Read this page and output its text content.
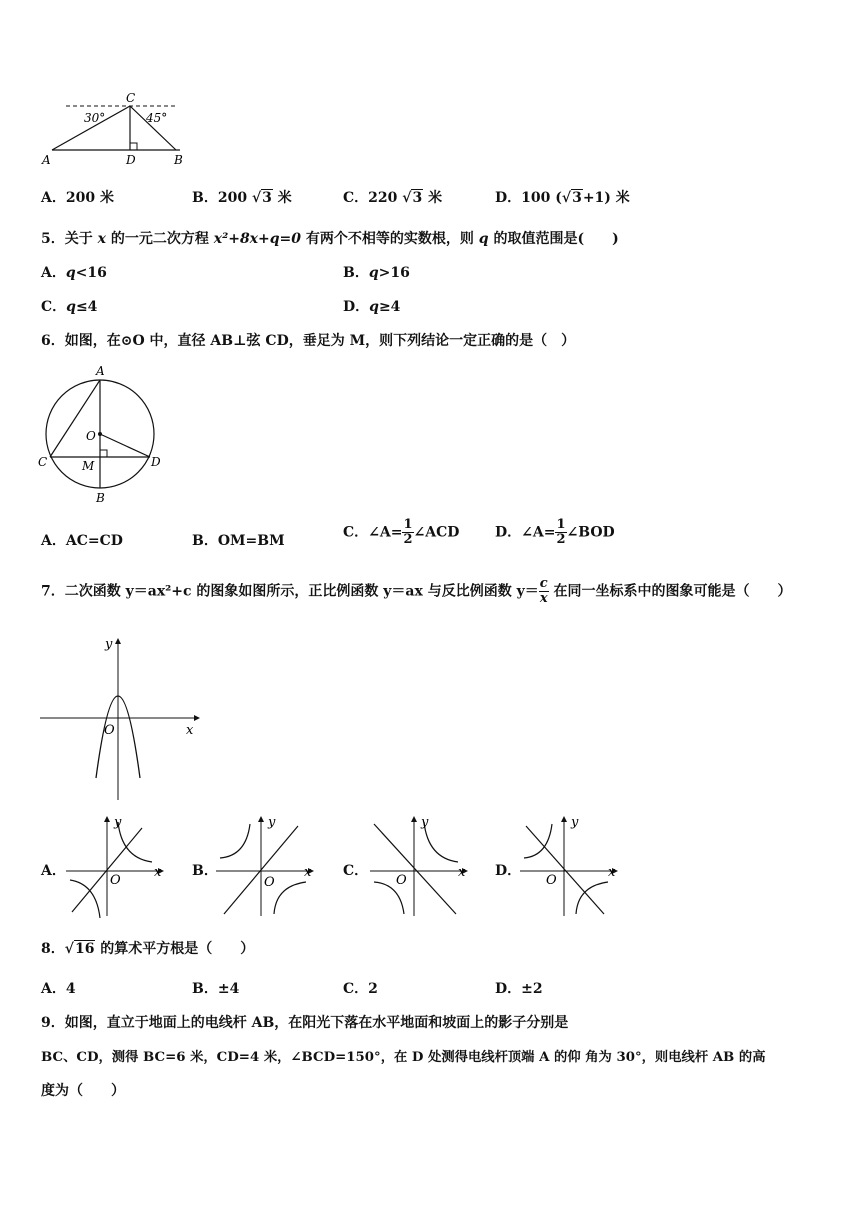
C
A	D	B
30°	45°
A．200 米	B．200 √3 米	C．220 √3 米	D．100 (√3+1) 米
5．关于 x 的一元二次方程 x²+8x+q=0 有两个不相等的实数根，则 q 的取值范围是(　　)
A．q<16	B．q>16
C．q≤4	D．q≥4
6．如图，在⊙O 中，直径 AB⊥弦 CD，垂足为 M，则下列结论一定正确的是（　）
A
O
C	D
M
B
A．AC=CD	B．OM=BM
C．∠A= $\frac{1}{2}$ ∠ACD	D．∠A= $\frac{1}{2}$ ∠BOD
7．二次函数 y＝ax²+c 的图象如图所示，正比例函数 y＝ax 与反比例函数 $y= \frac{c}{x}$ 在同一坐标系中的图象可能是（　　）
y
x
O
A．
y
x
O
B．
y
x
O
C．
y
x
O
D．
y
x
O
8．√16 的算术平方根是（　　）
A．4	B．±4	C．2	D．±2
9．如图，直立于地面上的电线杆 AB，在阳光下落在水平地面和坡面上的影子分别是
BC、CD，测得 BC=6 米，CD=4 米，∠BCD=150°，在 D 处测得电线杆顶端 A 的仰 角为 30°，则电线杆 AB 的高
度为（　　）
